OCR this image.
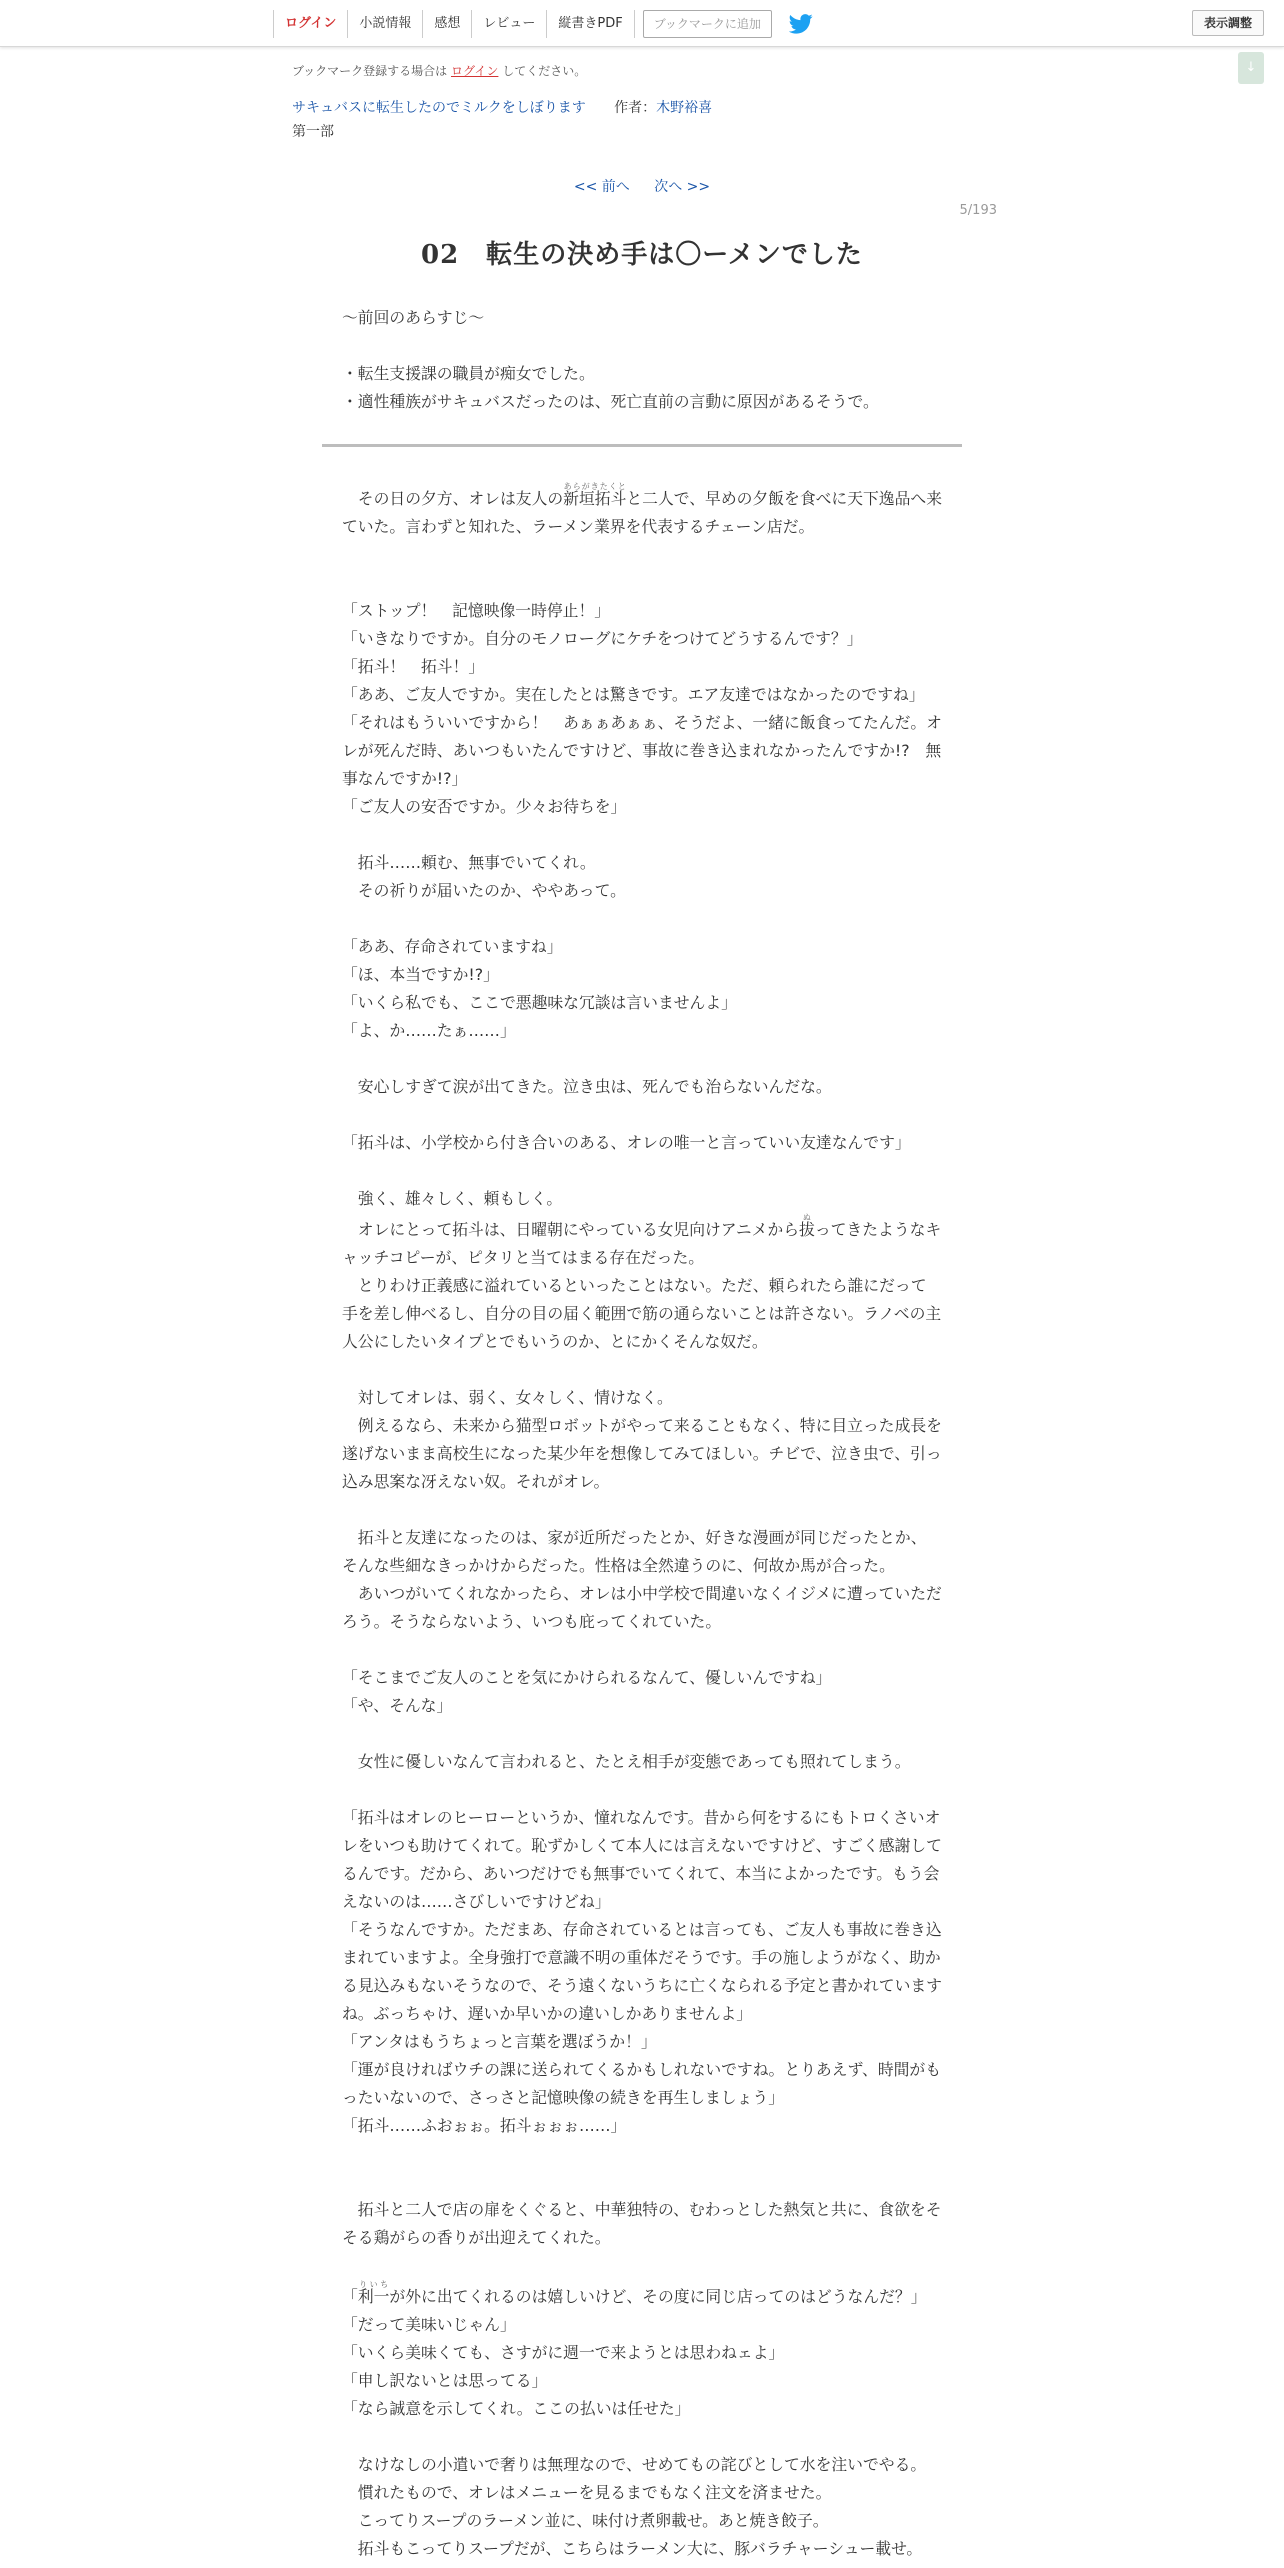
ログイン	小説情報	感想	レビュー	縦書きPDF	ブックマークに追加	表示調整
↓
ブックマーク登録する場合は ログイン してください。
サキュバスに転生したのでミルクをしぼります 作者：木野裕喜
第一部
<< 前へ 次へ >>
5/193
02　転生の決め手は〇ーメンでした

～前回のあらすじ～

・転生支援課の職員が痴女でした。

・適性種族がサキュバスだったのは、死亡直前の言動に原因があるそうで。

　その日の夕方、オレは友人の新垣拓斗あらがきたくとと二人で、早めの夕飯を食べに天下逸品へ来ていた。言わずと知れた、ラーメン業界を代表するチェーン店だ。

「ストップ！　記憶映像一時停止！」

「いきなりですか。自分のモノローグにケチをつけてどうするんです？」

「拓斗！　拓斗！」

「ああ、ご友人ですか。実在したとは驚きです。エア友達ではなかったのですね」

「それはもういいですから！　あぁぁあぁぁ、そうだよ、一緒に飯食ってたんだ。オレが死んだ時、あいつもいたんですけど、事故に巻き込まれなかったんですか!?　無事なんですか!?」

「ご友人の安否ですか。少々お待ちを」

　拓斗……頼む、無事でいてくれ。

　その祈りが届いたのか、ややあって。

「ああ、存命されていますね」

「ほ、本当ですか!?」

「いくら私でも、ここで悪趣味な冗談は言いませんよ」

「よ、か……たぁ……」

　安心しすぎて涙が出てきた。泣き虫は、死んでも治らないんだな。

「拓斗は、小学校から付き合いのある、オレの唯一と言っていい友達なんです」

　強く、雄々しく、頼もしく。

　オレにとって拓斗は、日曜朝にやっている女児向けアニメから拔ぬってきたようなキャッチコピーが、ピタリと当てはまる存在だった。

　とりわけ正義感に溢れているといったことはない。ただ、頼られたら誰にだって手を差し伸べるし、自分の目の届く範囲で筋の通らないことは許さない。ラノベの主人公にしたいタイプとでもいうのか、とにかくそんな奴だ。

　対してオレは、弱く、女々しく、情けなく。

　例えるなら、未来から猫型ロボットがやって来ることもなく、特に目立った成長を遂げないまま高校生になった某少年を想像してみてほしい。チビで、泣き虫で、引っ込み思案な冴えない奴。それがオレ。

　拓斗と友達になったのは、家が近所だったとか、好きな漫画が同じだったとか、そんな些細なきっかけからだった。性格は全然違うのに、何故か馬が合った。

　あいつがいてくれなかったら、オレは小中学校で間違いなくイジメに遭っていただろう。そうならないよう、いつも庇ってくれていた。

「そこまでご友人のことを気にかけられるなんて、優しいんですね」

「や、そんな」

　女性に優しいなんて言われると、たとえ相手が変態であっても照れてしまう。

「拓斗はオレのヒーローというか、憧れなんです。昔から何をするにもトロくさいオレをいつも助けてくれて。恥ずかしくて本人には言えないですけど、すごく感謝してるんです。だから、あいつだけでも無事でいてくれて、本当によかったです。もう会えないのは……さびしいですけどね」

「そうなんですか。ただまあ、存命されているとは言っても、ご友人も事故に巻き込まれていますよ。全身強打で意識不明の重体だそうです。手の施しようがなく、助かる見込みもないそうなので、そう遠くないうちに亡くなられる予定と書かれていますね。ぶっちゃけ、遅いか早いかの違いしかありませんよ」

「アンタはもうちょっと言葉を選ぼうか！」

「運が良ければウチの課に送られてくるかもしれないですね。とりあえず、時間がもったいないので、さっさと記憶映像の続きを再生しましょう」

「拓斗……ふおぉぉ。拓斗ぉぉぉ……」

　拓斗と二人で店の扉をくぐると、中華独特の、むわっとした熱気と共に、食欲をそそる鶏がらの香りが出迎えてくれた。

「利一りいちが外に出てくれるのは嬉しいけど、その度に同じ店ってのはどうなんだ？」

「だって美味いじゃん」

「いくら美味くても、さすがに週一で来ようとは思わねェよ」

「申し訳ないとは思ってる」

「なら誠意を示してくれ。ここの払いは任せた」

　なけなしの小遣いで奢りは無理なので、せめてもの詫びとして水を注いでやる。

　慣れたもので、オレはメニューを見るまでもなく注文を済ませた。

　こってりスープのラーメン並に、味付け煮卵載せ。あと焼き餃子。

　拓斗もこってりスープだが、こちらはラーメン大に、豚バラチャーシュー載せ。
